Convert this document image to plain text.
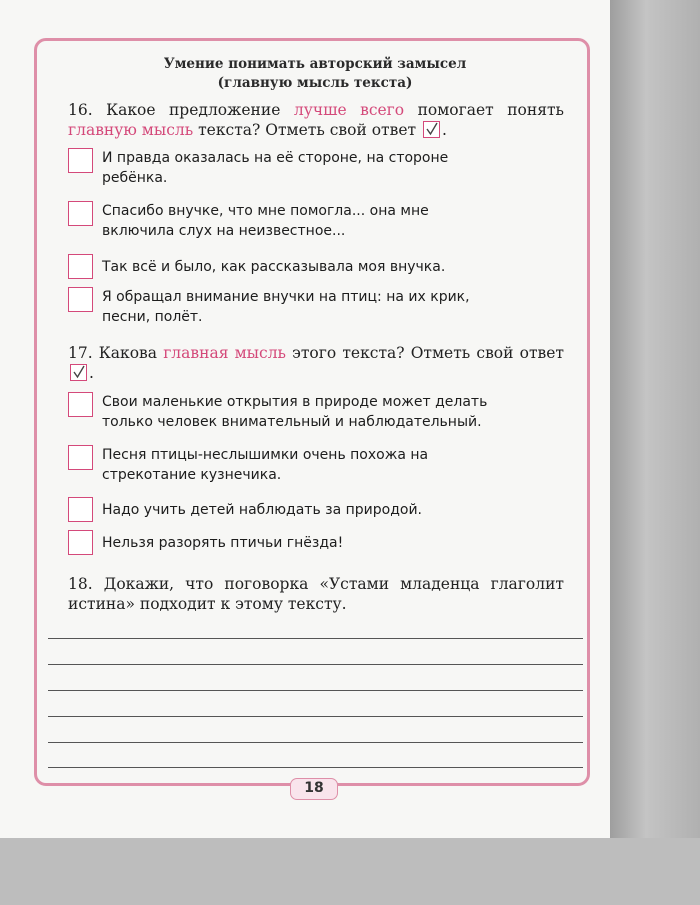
Умение понимать авторский замысел
(главную мысль текста)
16. Какое предложение лучше всего помогает понять главную мысль текста? Отметь свой ответ .
И правда оказалась на её стороне, на стороне
ребёнка.
Спасибо внучке, что мне помогла... она мне
включила слух на неизвестное...
Так всё и было, как рассказывала моя внучка.
Я обращал внимание внучки на птиц: на их крик,
песни, полёт.
17. Какова главная мысль этого текста? Отметь свой ответ
.
Свои маленькие открытия в природе может делать
только человек внимательный и наблюдательный.
Песня птицы-неслышимки очень похожа на
стрекотание кузнечика.
Надо учить детей наблюдать за природой.
Нельзя разорять птичьи гнёзда!
18. Докажи, что поговорка «Устами младенца глаголит истина» подходит к этому тексту.
18
